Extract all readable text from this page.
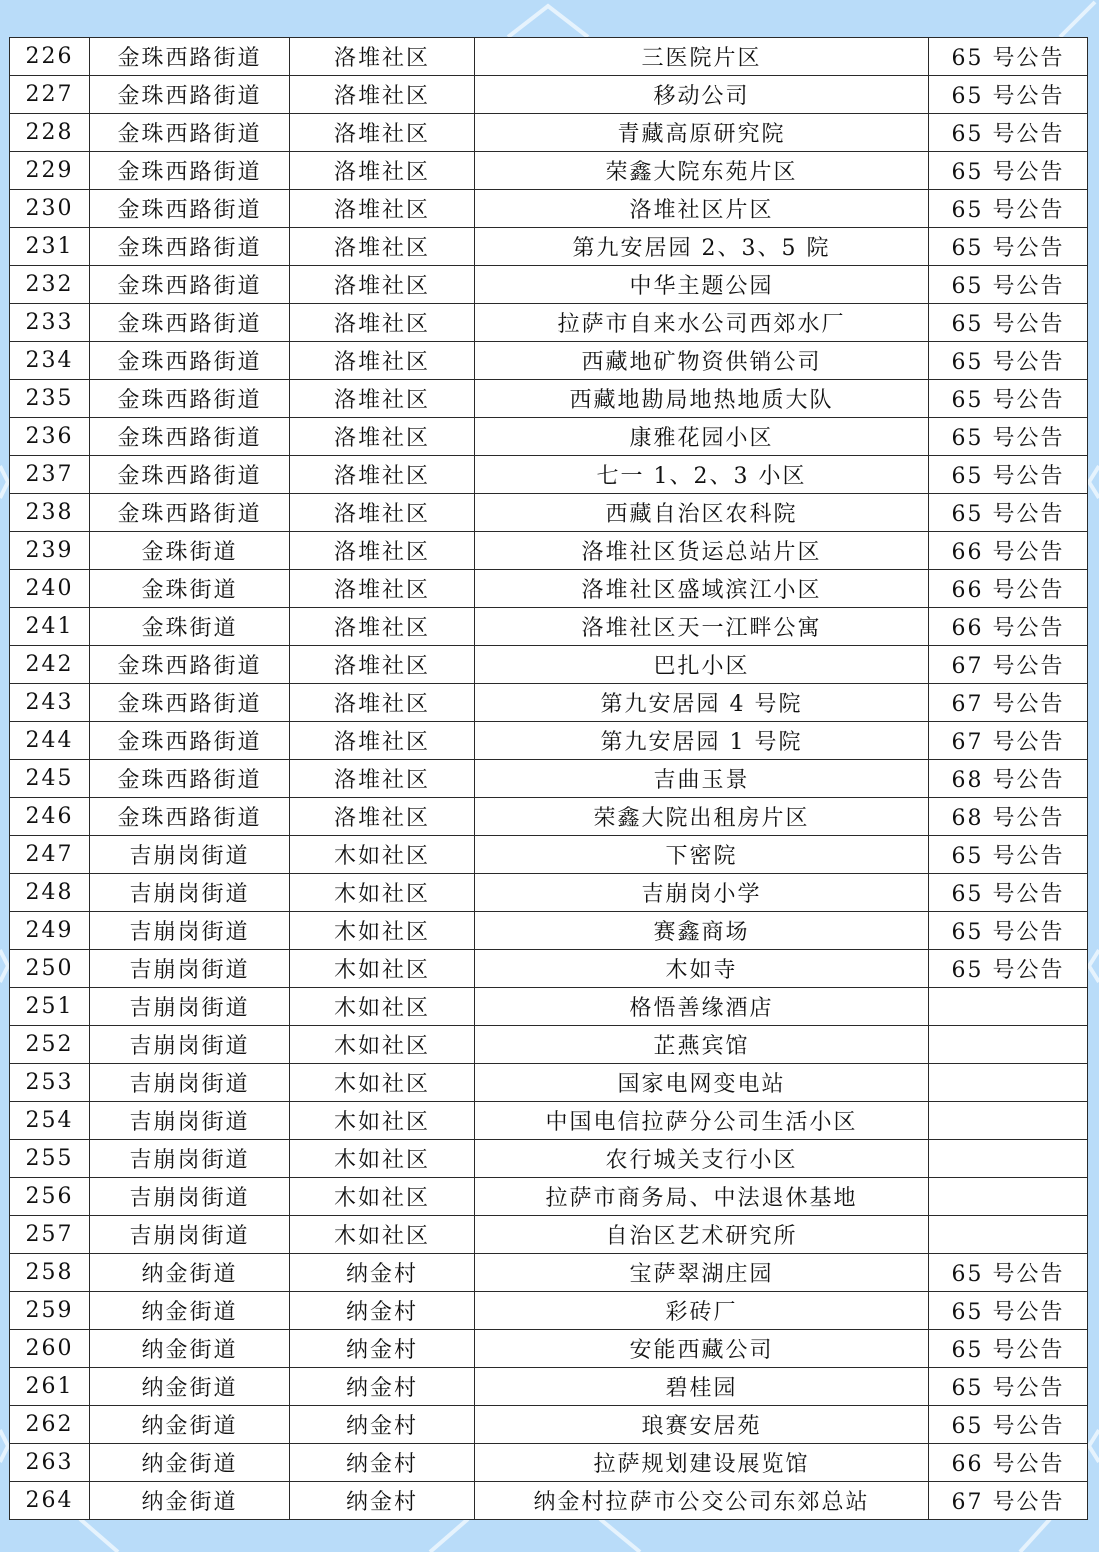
226	金珠西路街道	洛堆社区	三医院片区	65 号公告
227	金珠西路街道	洛堆社区	移动公司	65 号公告
228	金珠西路街道	洛堆社区	青藏高原研究院	65 号公告
229	金珠西路街道	洛堆社区	荣鑫大院东苑片区	65 号公告
230	金珠西路街道	洛堆社区	洛堆社区片区	65 号公告
231	金珠西路街道	洛堆社区	第九安居园 2、3、5 院	65 号公告
232	金珠西路街道	洛堆社区	中华主题公园	65 号公告
233	金珠西路街道	洛堆社区	拉萨市自来水公司西郊水厂	65 号公告
234	金珠西路街道	洛堆社区	西藏地矿物资供销公司	65 号公告
235	金珠西路街道	洛堆社区	西藏地勘局地热地质大队	65 号公告
236	金珠西路街道	洛堆社区	康雅花园小区	65 号公告
237	金珠西路街道	洛堆社区	七一 1、2、3 小区	65 号公告
238	金珠西路街道	洛堆社区	西藏自治区农科院	65 号公告
239	金珠街道	洛堆社区	洛堆社区货运总站片区	66 号公告
240	金珠街道	洛堆社区	洛堆社区盛域滨江小区	66 号公告
241	金珠街道	洛堆社区	洛堆社区天一江畔公寓	66 号公告
242	金珠西路街道	洛堆社区	巴扎小区	67 号公告
243	金珠西路街道	洛堆社区	第九安居园 4 号院	67 号公告
244	金珠西路街道	洛堆社区	第九安居园 1 号院	67 号公告
245	金珠西路街道	洛堆社区	吉曲玉景	68 号公告
246	金珠西路街道	洛堆社区	荣鑫大院出租房片区	68 号公告
247	吉崩岗街道	木如社区	下密院	65 号公告
248	吉崩岗街道	木如社区	吉崩岗小学	65 号公告
249	吉崩岗街道	木如社区	赛鑫商场	65 号公告
250	吉崩岗街道	木如社区	木如寺	65 号公告
251	吉崩岗街道	木如社区	格悟善缘酒店	
252	吉崩岗街道	木如社区	芷燕宾馆	
253	吉崩岗街道	木如社区	国家电网变电站	
254	吉崩岗街道	木如社区	中国电信拉萨分公司生活小区	
255	吉崩岗街道	木如社区	农行城关支行小区	
256	吉崩岗街道	木如社区	拉萨市商务局、中法退休基地	
257	吉崩岗街道	木如社区	自治区艺术研究所	
258	纳金街道	纳金村	宝萨翠湖庄园	65 号公告
259	纳金街道	纳金村	彩砖厂	65 号公告
260	纳金街道	纳金村	安能西藏公司	65 号公告
261	纳金街道	纳金村	碧桂园	65 号公告
262	纳金街道	纳金村	琅赛安居苑	65 号公告
263	纳金街道	纳金村	拉萨规划建设展览馆	66 号公告
264	纳金街道	纳金村	纳金村拉萨市公交公司东郊总站	67 号公告
